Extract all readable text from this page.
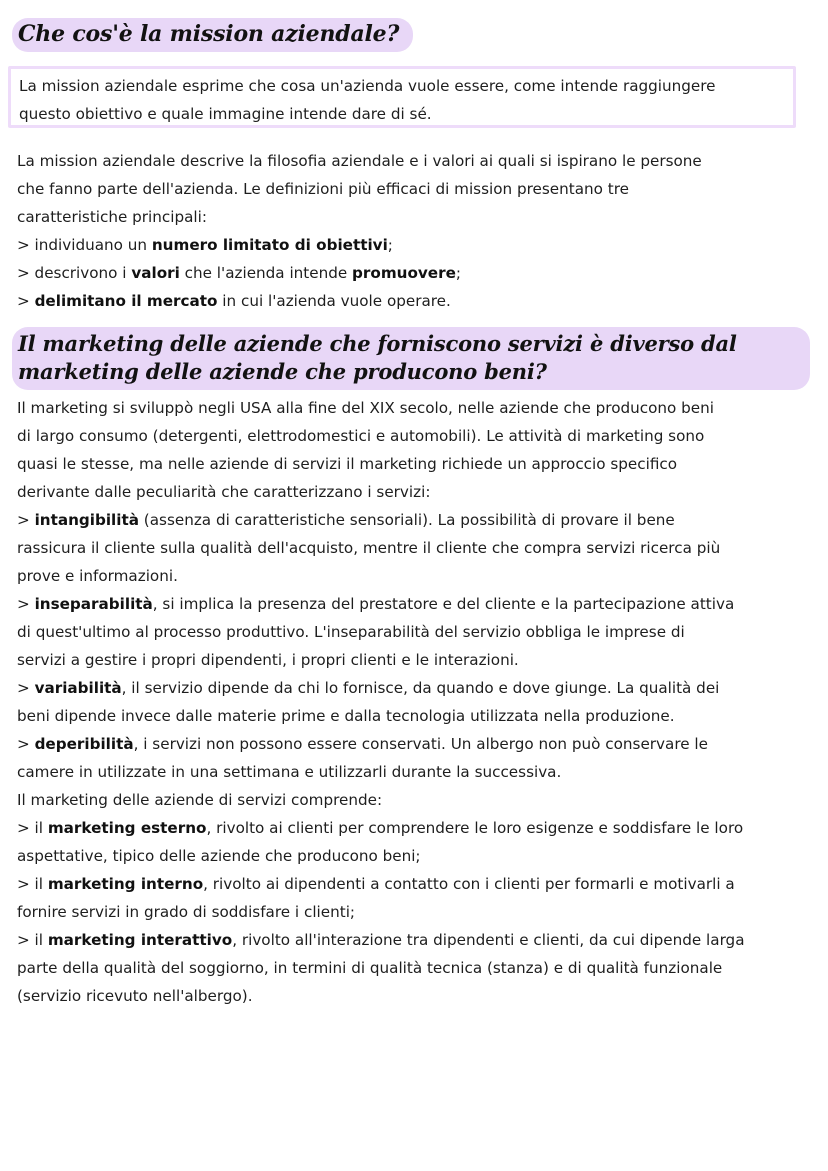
Che cos'è la mission aziendale?
La mission aziendale esprime che cosa un'azienda vuole essere, come intende raggiungere
questo obiettivo e quale immagine intende dare di sé.
La mission aziendale descrive la filosofia aziendale e i valori ai quali si ispirano le persone
che fanno parte dell'azienda. Le definizioni più efficaci di mission presentano tre
caratteristiche principali:
> individuano un numero limitato di obiettivi;
> descrivono i valori che l'azienda intende promuovere;
> delimitano il mercato in cui l'azienda vuole operare.
Il marketing delle aziende che forniscono servizi è diverso dal
marketing delle aziende che producono beni?
Il marketing si sviluppò negli USA alla fine del XIX secolo, nelle aziende che producono beni
di largo consumo (detergenti, elettrodomestici e automobili). Le attività di marketing sono
quasi le stesse, ma nelle aziende di servizi il marketing richiede un approccio specifico
derivante dalle peculiarità che caratterizzano i servizi:
> intangibilità (assenza di caratteristiche sensoriali). La possibilità di provare il bene
rassicura il cliente sulla qualità dell'acquisto, mentre il cliente che compra servizi ricerca più
prove e informazioni.
> inseparabilità, si implica la presenza del prestatore e del cliente e la partecipazione attiva
di quest'ultimo al processo produttivo. L'inseparabilità del servizio obbliga le imprese di
servizi a gestire i propri dipendenti, i propri clienti e le interazioni.
> variabilità, il servizio dipende da chi lo fornisce, da quando e dove giunge. La qualità dei
beni dipende invece dalle materie prime e dalla tecnologia utilizzata nella produzione.
> deperibilità, i servizi non possono essere conservati. Un albergo non può conservare le
camere in utilizzate in una settimana e utilizzarli durante la successiva.
Il marketing delle aziende di servizi comprende:
> il marketing esterno, rivolto ai clienti per comprendere le loro esigenze e soddisfare le loro
aspettative, tipico delle aziende che producono beni;
> il marketing interno, rivolto ai dipendenti a contatto con i clienti per formarli e motivarli a
fornire servizi in grado di soddisfare i clienti;
> il marketing interattivo, rivolto all'interazione tra dipendenti e clienti, da cui dipende larga
parte della qualità del soggiorno, in termini di qualità tecnica (stanza) e di qualità funzionale
(servizio ricevuto nell'albergo).
